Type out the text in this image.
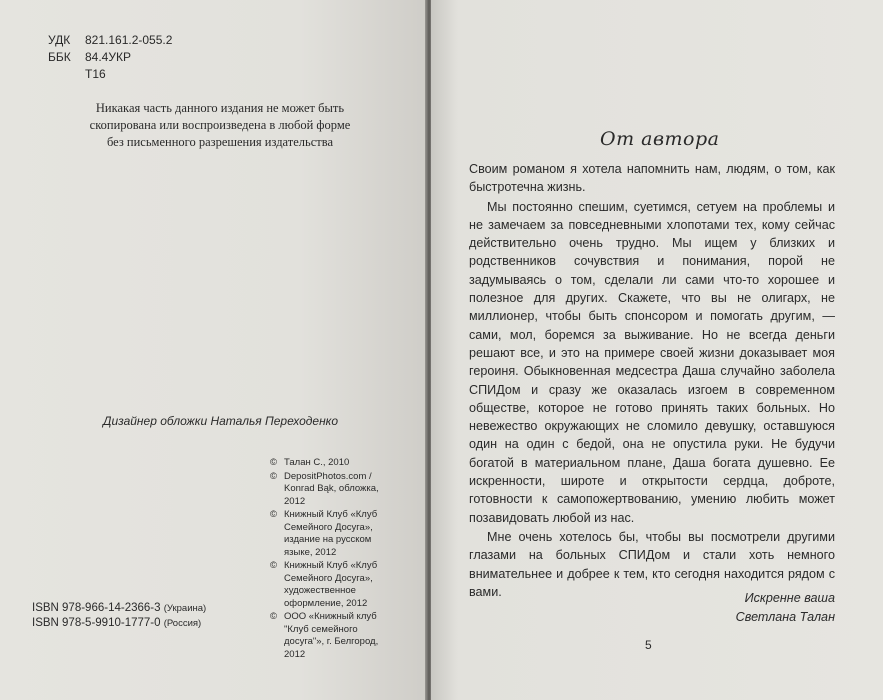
УДК	821.161.2-055.2
ББК	84.4УКР
Т16
Никакая часть данного издания не может быть
скопирована или воспроизведена в любой форме
без письменного разрешения издательства
Дизайнер обложки Наталья Переходенко
© Талан С., 2010
© DepositPhotos.com / Konrad Bąk, обложка, 2012
© Книжный Клуб «Клуб Семейного Досуга», издание на русском языке, 2012
© Книжный Клуб «Клуб Семейного Досуга», художественное оформление, 2012
© ООО «Книжный клуб "Клуб семейного досуга"», г. Белгород, 2012
ISBN 978-966-14-2366-3 (Украина)
ISBN 978-5-9910-1777-0 (Россия)
От автора

Своим романом я хотела напомнить нам, людям, о том, как быстротечна жизнь.

Мы постоянно спешим, суетимся, сетуем на проблемы и не замечаем за повседневными хлопотами тех, кому сейчас действительно очень трудно. Мы ищем у близких и родственников сочувствия и понимания, порой не задумываясь о том, сделали ли сами что-то хорошее и полезное для других. Скажете, что вы не олигарх, не миллионер, чтобы быть спонсором и помогать другим, — сами, мол, боремся за выживание. Но не всегда деньги решают все, и это на примере своей жизни доказывает моя героиня. Обыкновенная медсестра Даша случайно заболела СПИДом и сразу же оказалась изгоем в современном обществе, которое не готово принять таких больных. Но невежество окружающих не сломило девушку, оставшуюся один на один с бедой, она не опустила руки. Не будучи богатой в материальном плане, Даша богата душевно. Ее искренности, широте и открытости сердца, доброте, готовности к самопожертвованию, умению любить может позавидовать любой из нас.

Мне очень хотелось бы, чтобы вы посмотрели другими глазами на больных СПИДом и стали хоть немного внимательнее и добрее к тем, кто сегодня находится рядом с вами.	Искренне ваша
Светлана Талан
5
